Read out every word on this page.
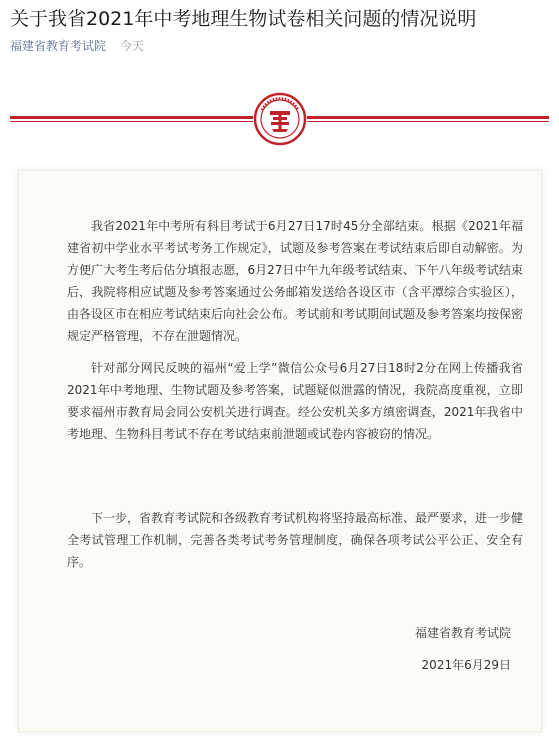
关于我省2021年中考地理生物试卷相关问题的情况说明
福建省教育考试院 今天

我省2021年中考所有科目考试于6月27日17时45分全部结束。根据《2021年福建省初中学业水平考试考务工作规定》，试题及参考答案在考试结束后即自动解密。为方便广大考生考后估分填报志愿，6月27日中午九年级考试结束、下午八年级考试结束后，我院将相应试题及参考答案通过公务邮箱发送给各设区市（含平潭综合实验区），由各设区市在相应考试结束后向社会公布。考试前和考试期间试题及参考答案均按保密规定严格管理，不存在泄题情况。

针对部分网民反映的福州“爱上学”微信公众号6月27日18时2分在网上传播我省2021年中考地理、生物试题及参考答案，试题疑似泄露的情况，我院高度重视，立即要求福州市教育局会同公安机关进行调查。经公安机关多方缜密调查，2021年我省中考地理、生物科目考试不存在考试结束前泄题或试卷内容被窃的情况。

下一步，省教育考试院和各级教育考试机构将坚持最高标准、最严要求，进一步健全考试管理工作机制，完善各类考试考务管理制度，确保各项考试公平公正、安全有序。

福建省教育考试院
2021年6月29日
